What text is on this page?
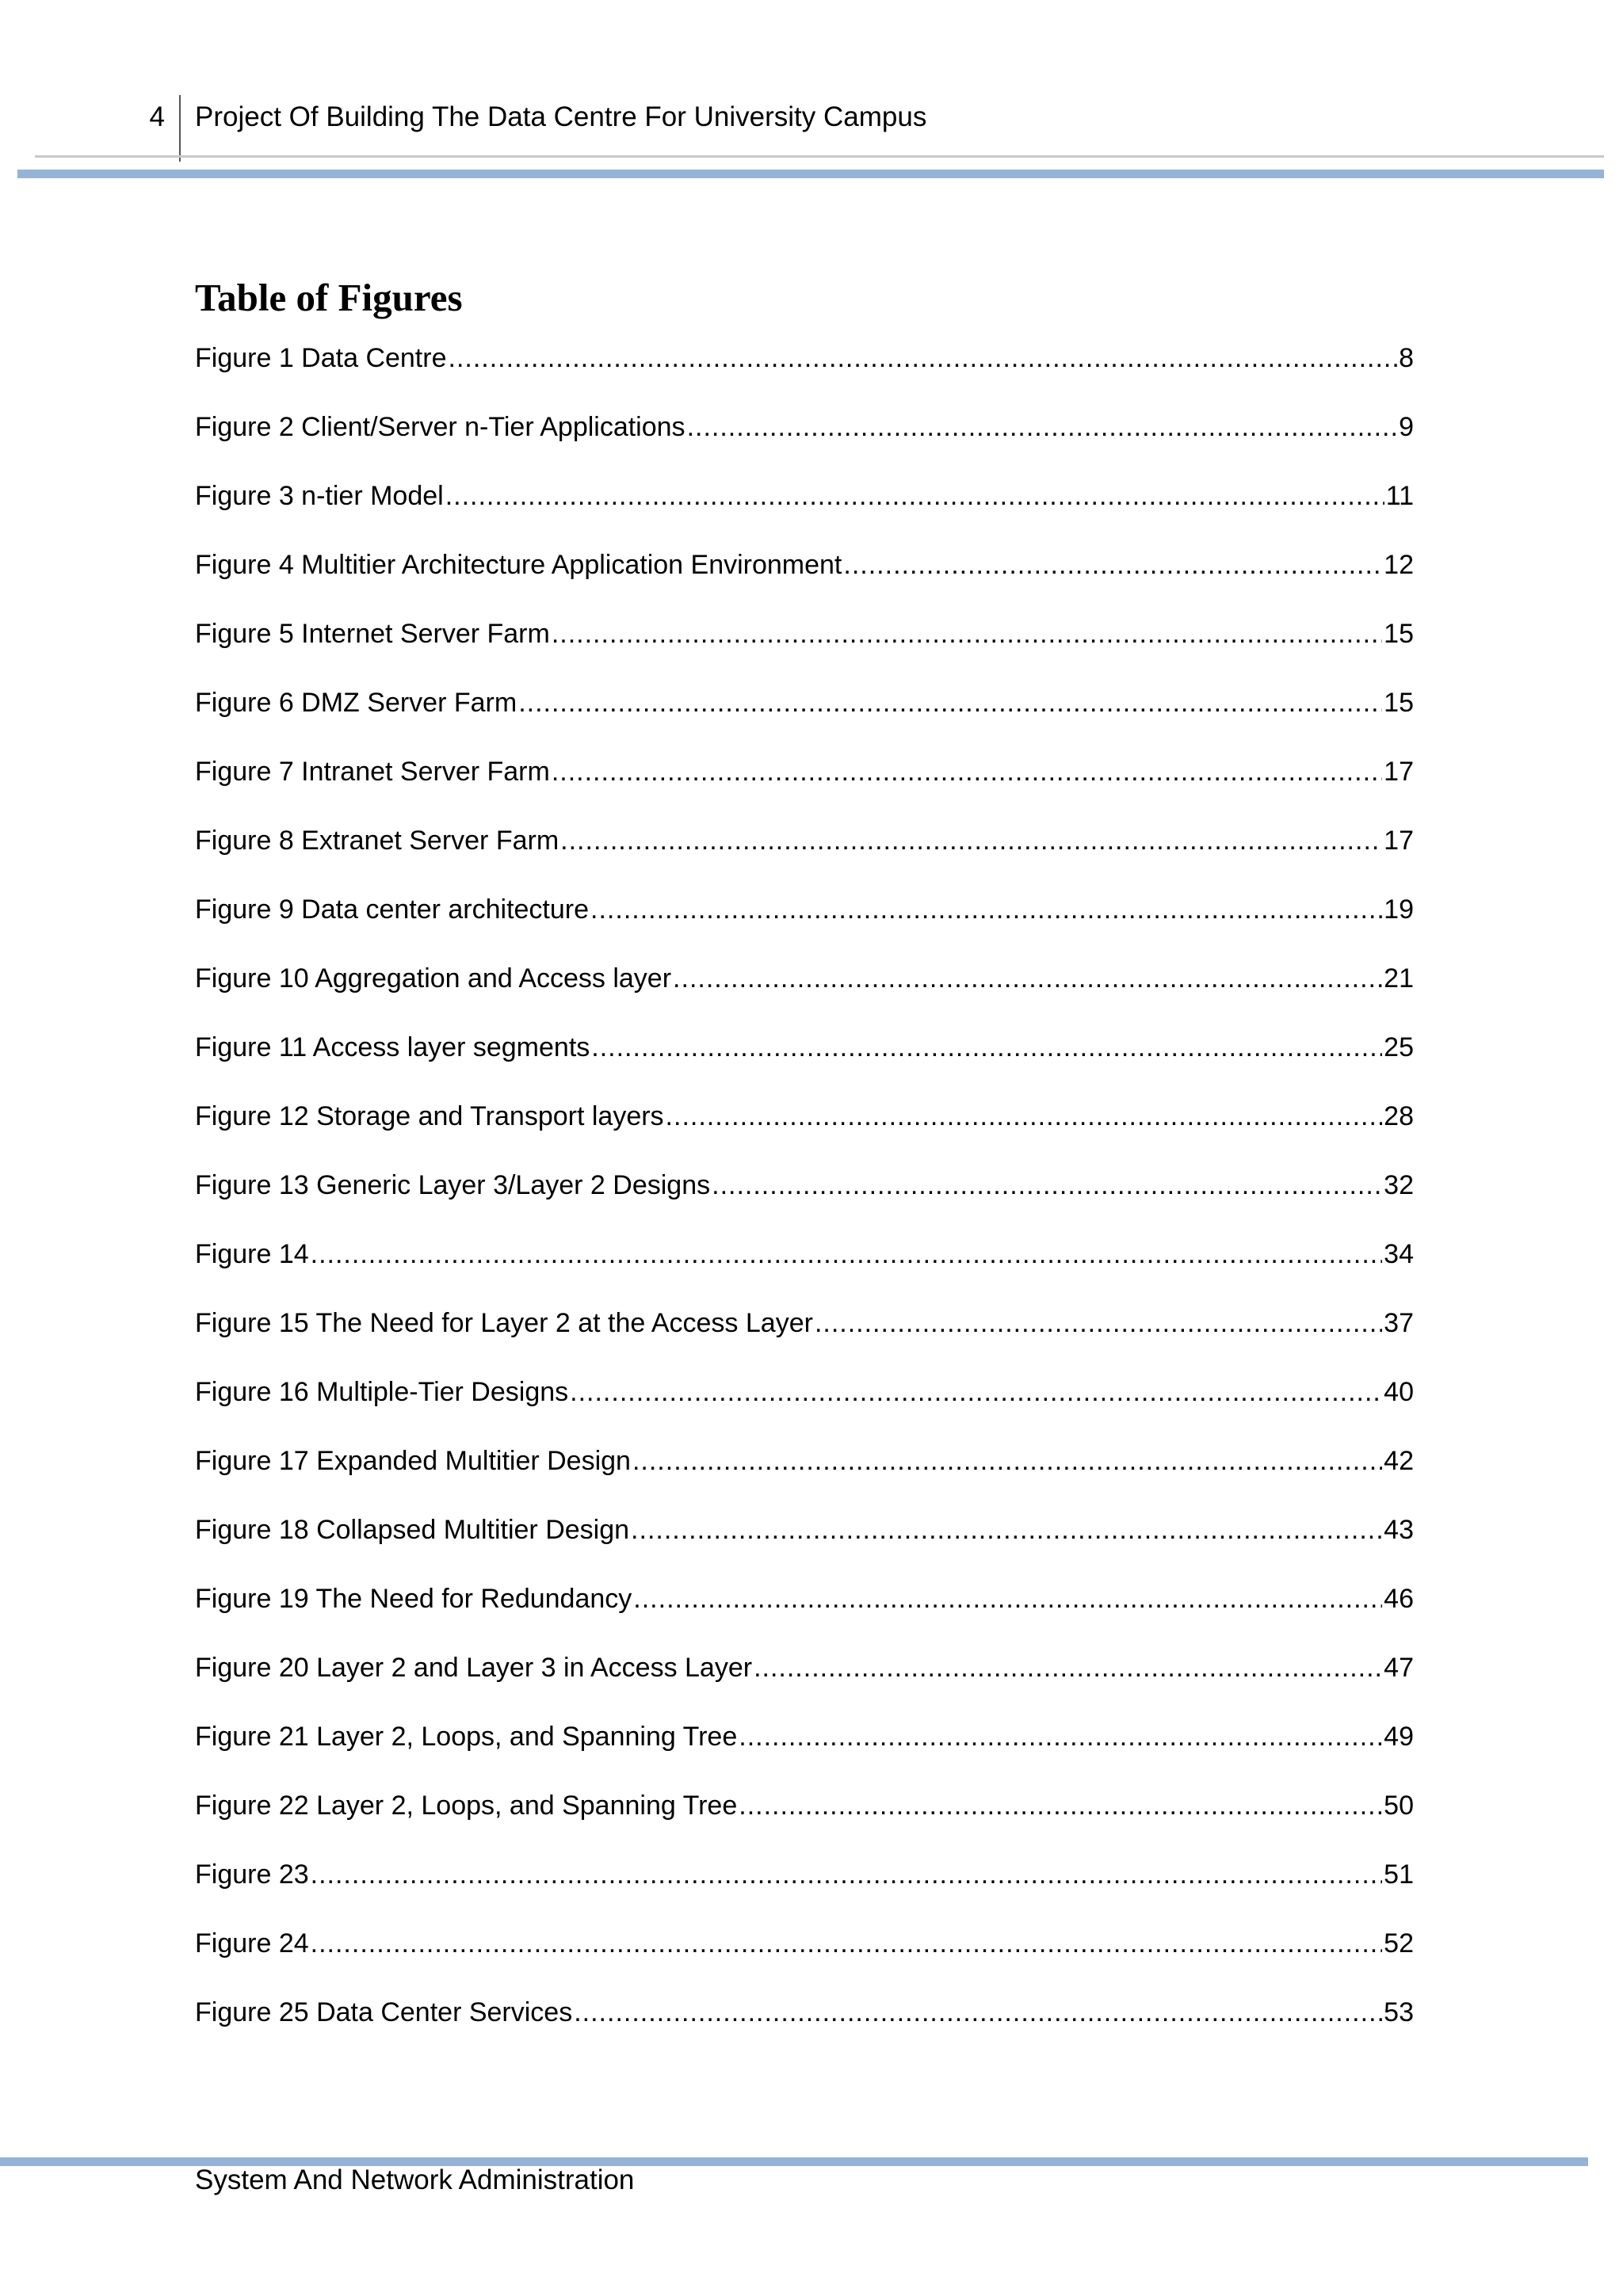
4 Project Of Building The Data Centre For University Campus
Table of Figures
Figure 1 Data Centre .....	8
Figure 2 Client/Server n-Tier Applications .....	9
Figure 3 n-tier Model .....	11
Figure 4 Multitier Architecture Application Environment .....	12
Figure 5 Internet Server Farm .....	15
Figure 6 DMZ Server Farm .....	15
Figure 7 Intranet Server Farm .....	17
Figure 8 Extranet Server Farm .....	17
Figure 9 Data center architecture .....	19
Figure 10 Aggregation and Access layer .....	21
Figure 11 Access layer segments .....	25
Figure 12 Storage and Transport layers .....	28
Figure 13 Generic Layer 3/Layer 2 Designs .....	32
Figure 14 .....	34
Figure 15 The Need for Layer 2 at the Access Layer .....	37
Figure 16 Multiple-Tier Designs .....	40
Figure 17 Expanded Multitier Design .....	42
Figure 18 Collapsed Multitier Design .....	43
Figure 19 The Need for Redundancy .....	46
Figure 20 Layer 2 and Layer 3 in Access Layer .....	47
Figure 21 Layer 2, Loops, and Spanning Tree .....	49
Figure 22 Layer 2, Loops, and Spanning Tree .....	50
Figure 23 .....	51
Figure 24 .....	52
Figure 25 Data Center Services .....	53
System And Network Administration
